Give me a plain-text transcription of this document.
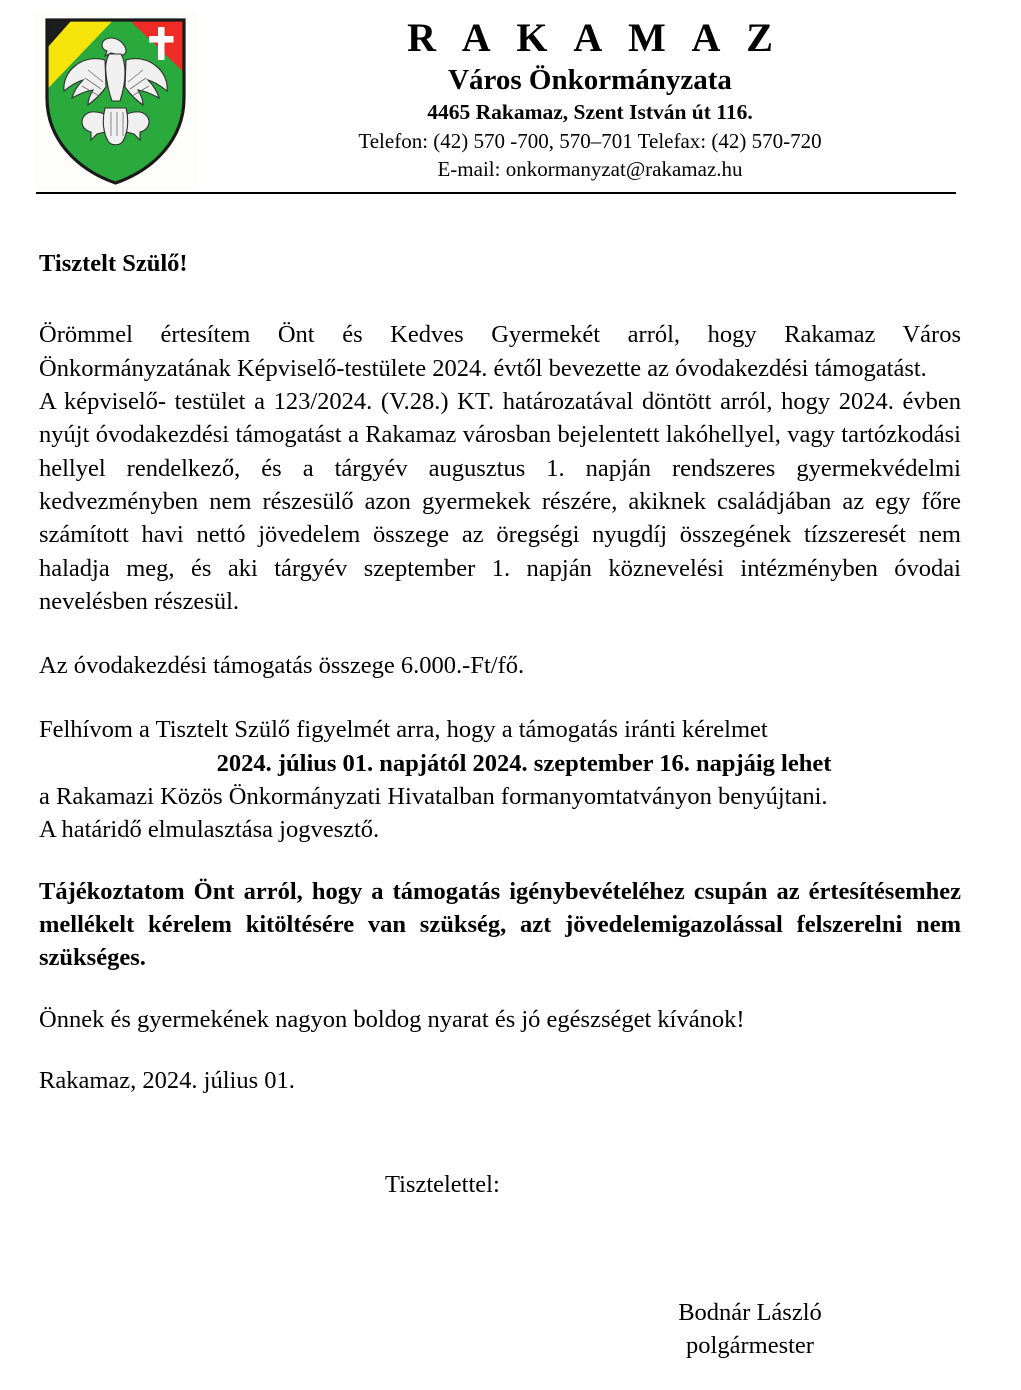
R A K A M A Z
Város Önkormányzata
4465 Rakamaz, Szent István út 116.
Telefon: (42) 570 -700, 570–701 Telefax: (42) 570-720
E-mail: onkormanyzat@rakamaz.hu
Tisztelt Szülő!
Örömmel értesítem Önt és Kedves Gyermekét arról, hogy Rakamaz Város Önkormányzatának Képviselő-testülete 2024. évtől bevezette az óvodakezdési támogatást.
A képviselő- testület a 123/2024. (V.28.) KT. határozatával döntött arról, hogy 2024. évben nyújt óvodakezdési támogatást a Rakamaz városban bejelentett lakóhellyel, vagy tartózkodási hellyel rendelkező, és a tárgyév augusztus 1. napján rendszeres gyermekvédelmi kedvezményben nem részesülő azon gyermekek részére, akiknek családjában az egy főre számított havi nettó jövedelem összege az öregségi nyugdíj összegének tízszeresét nem haladja meg, és aki tárgyév szeptember 1. napján köznevelési intézményben óvodai nevelésben részesül.
Az óvodakezdési támogatás összege 6.000.-Ft/fő.
Felhívom a Tisztelt Szülő figyelmét arra, hogy a támogatás iránti kérelmet
2024. július 01. napjától 2024. szeptember 16. napjáig lehet
a Rakamazi Közös Önkormányzati Hivatalban formanyomtatványon benyújtani.
A határidő elmulasztása jogvesztő.
Tájékoztatom Önt arról, hogy a támogatás igénybevételéhez csupán az értesítésemhez mellékelt kérelem kitöltésére van szükség, azt jövedelemigazolással felszerelni nem szükséges.
Önnek és gyermekének nagyon boldog nyarat és jó egészséget kívánok!
Rakamaz, 2024. július 01.
Tisztelettel:
Bodnár László
polgármester
